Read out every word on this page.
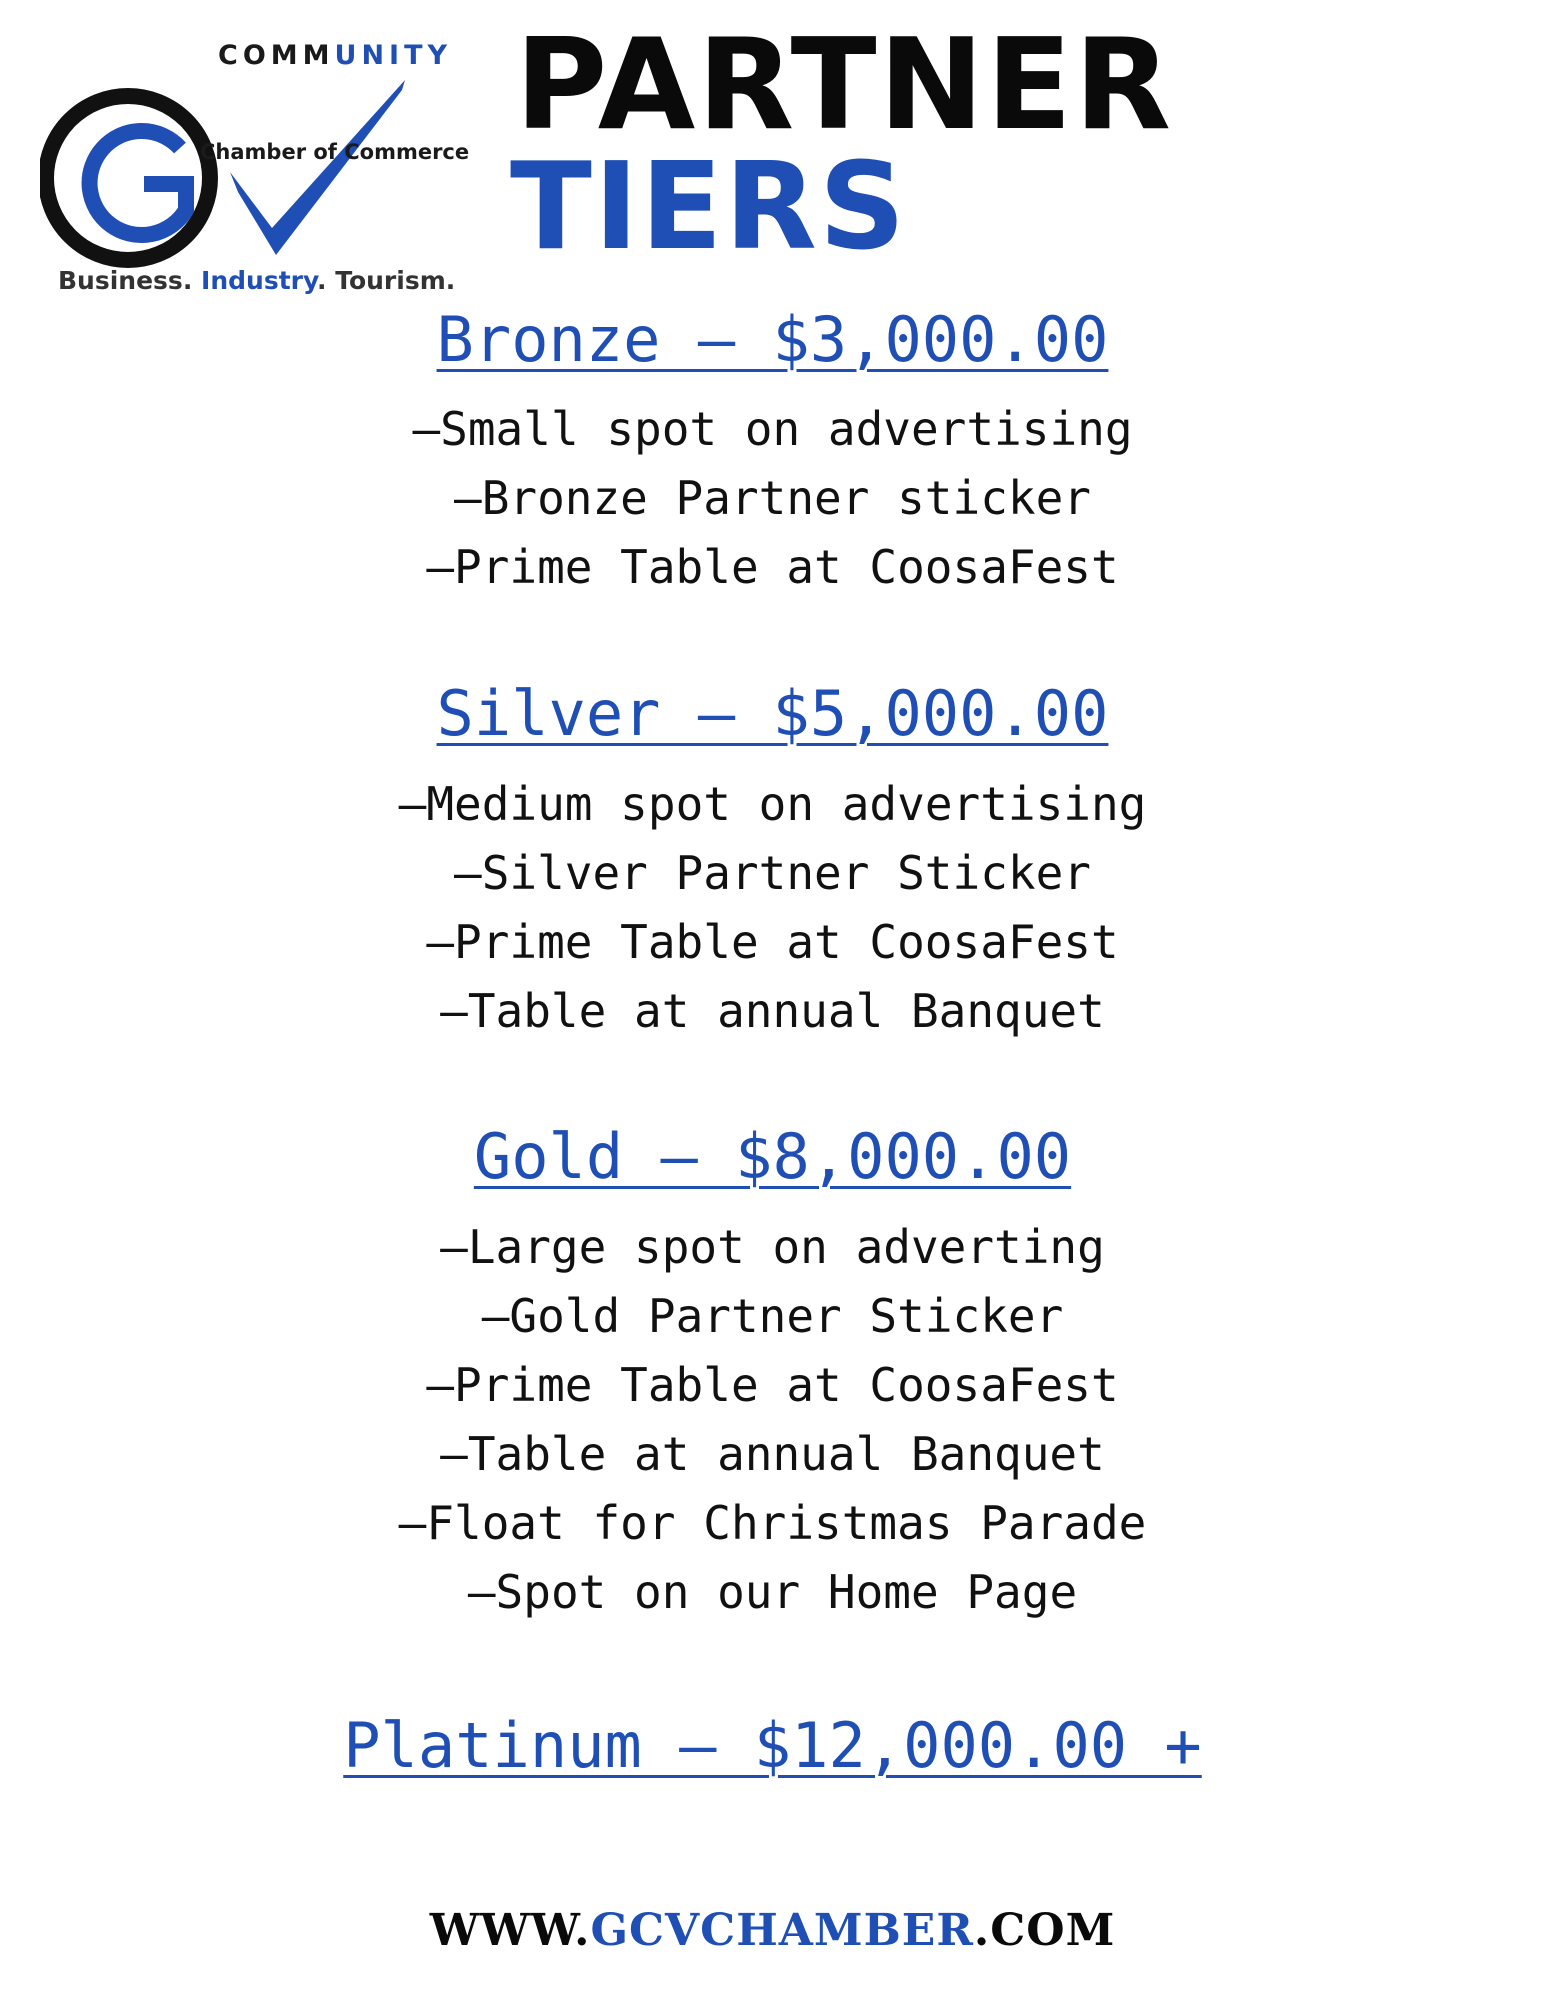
COMMUNITY
Chamber of Commerce
Business. Industry. Tourism.
PARTNER
TIERS
Bronze — $3,000.00
—Small spot on advertising
—Bronze Partner sticker
—Prime Table at CoosaFest
Silver — $5,000.00
—Medium spot on advertising
—Silver Partner Sticker
—Prime Table at CoosaFest
—Table at annual Banquet
Gold — $8,000.00
—Large spot on adverting
—Gold Partner Sticker
—Prime Table at CoosaFest
—Table at annual Banquet
—Float for Christmas Parade
—Spot on our Home Page
Platinum — $12,000.00 +
WWW.GCVCHAMBER.COM
